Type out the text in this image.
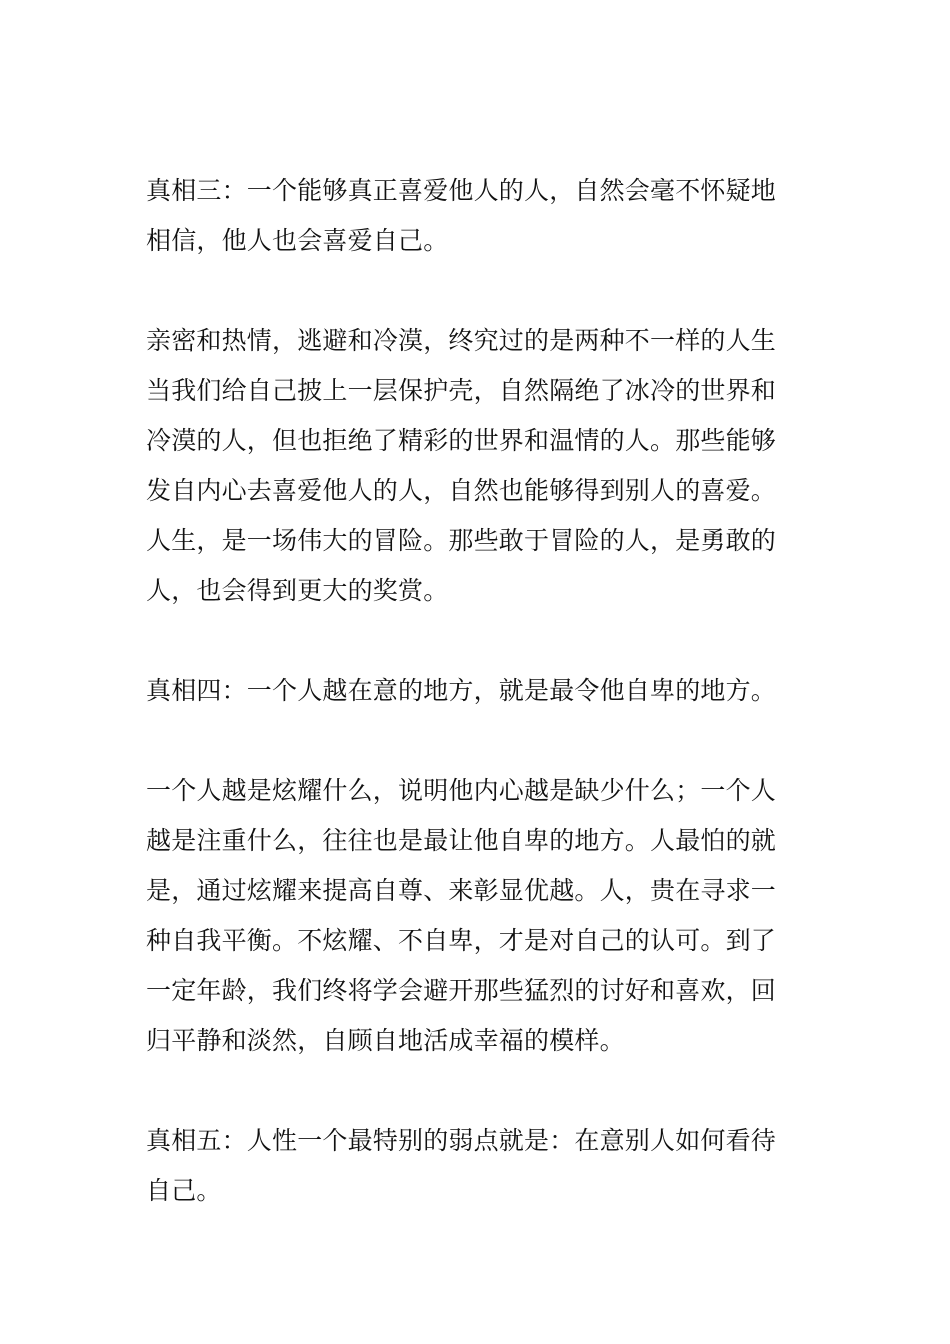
真相三：一个能够真正喜爱他人的人，自然会毫不怀疑地
相信，他人也会喜爱自己。
亲密和热情，逃避和冷漠，终究过的是两种不一样的人生
当我们给自己披上一层保护壳，自然隔绝了冰冷的世界和
冷漠的人，但也拒绝了精彩的世界和温情的人。那些能够
发自内心去喜爱他人的人，自然也能够得到别人的喜爱。
人生，是一场伟大的冒险。那些敢于冒险的人，是勇敢的
人，也会得到更大的奖赏。
真相四：一个人越在意的地方，就是最令他自卑的地方。
一个人越是炫耀什么，说明他内心越是缺少什么；一个人
越是注重什么，往往也是最让他自卑的地方。人最怕的就
是，通过炫耀来提高自尊、来彰显优越。人，贵在寻求一
种自我平衡。不炫耀、不自卑，才是对自己的认可。到了
一定年龄，我们终将学会避开那些猛烈的讨好和喜欢，回
归平静和淡然，自顾自地活成幸福的模样。
真相五：人性一个最特别的弱点就是：在意别人如何看待
自己。
